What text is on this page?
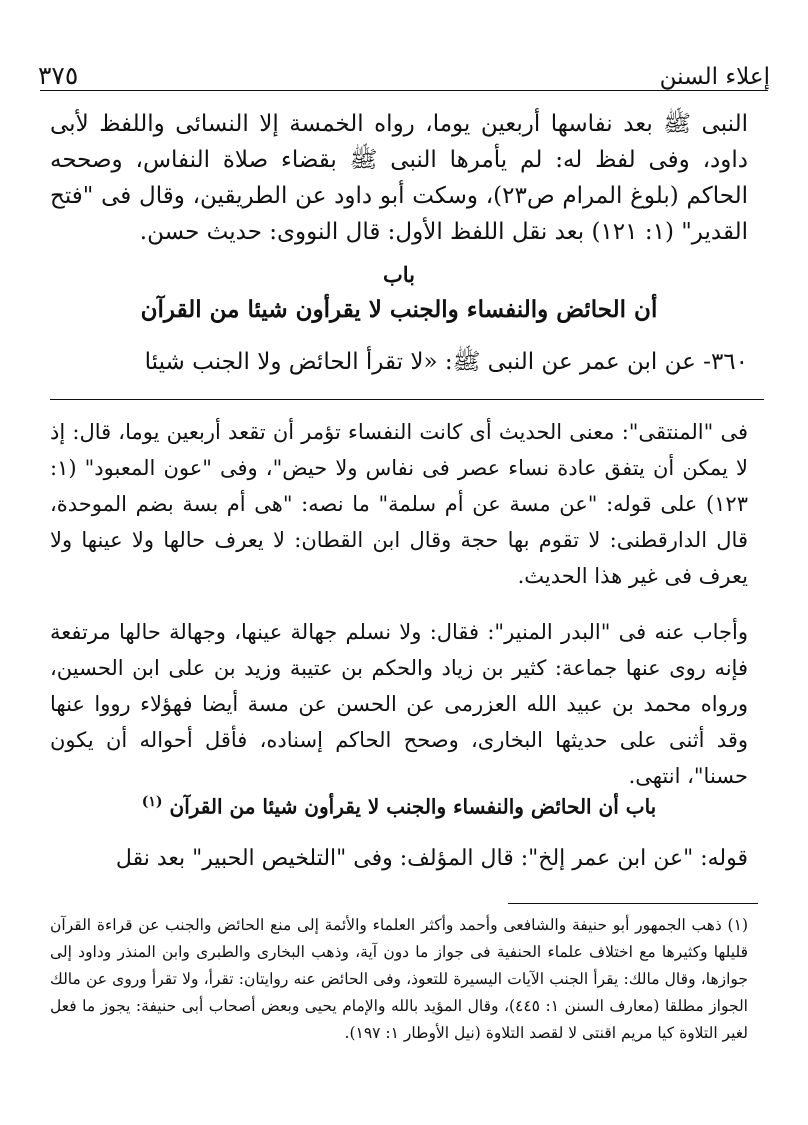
إعلاء السنن
٣٧٥

النبى ﷺ بعد نفاسها أربعين يوما، رواه الخمسة إلا النسائى واللفظ لأبى داود، وفى لفظ له: لم يأمرها النبى ﷺ بقضاء صلاة النفاس، وصححه الحاكم (بلوغ المرام ص٢٣)، وسكت أبو داود عن الطريقين، وقال فى "فتح القدير" (١: ١٢١) بعد نقل اللفظ الأول: قال النووى: حديث حسن.

باب
أن الحائض والنفساء والجنب لا يقرأون شيئا من القرآن
٣٦٠- عن ابن عمر عن النبى ﷺ: «لا تقرأ الحائض ولا الجنب شيئا

فى "المنتقى": معنى الحديث أى كانت النفساء تؤمر أن تقعد أربعين يوما، قال: إذ لا يمكن أن يتفق عادة نساء عصر فى نفاس ولا حيض"، وفى "عون المعبود" (١: ١٢٣) على قوله: "عن مسة عن أم سلمة" ما نصه: "هى أم بسة بضم الموحدة، قال الدارقطنى: لا تقوم بها حجة وقال ابن القطان: لا يعرف حالها ولا عينها ولا يعرف فى غير هذا الحديث.

وأجاب عنه فى "البدر المنير": فقال: ولا نسلم جهالة عينها، وجهالة حالها مرتفعة فإنه روى عنها جماعة: كثير بن زياد والحكم بن عتيبة وزيد بن على ابن الحسين، ورواه محمد بن عبيد الله العزرمى عن الحسن عن مسة أيضا فهؤلاء رووا عنها وقد أثنى على حديثها البخارى، وصحح الحاكم إسناده، فأقل أحواله أن يكون حسنا"، انتهى.

باب أن الحائض والنفساء والجنب لا يقرأون شيئا من القرآن $^{(١)}$
قوله: "عن ابن عمر إلخ": قال المؤلف: وفى "التلخيص الحبير" بعد نقل

(١) ذهب الجمهور أبو حنيفة والشافعى وأحمد وأكثر العلماء والأئمة إلى منع الحائض والجنب عن قراءة القرآن قليلها وكثيرها مع اختلاف علماء الحنفية فى جواز ما دون آية، وذهب البخارى والطبرى وابن المنذر وداود إلى جوازها، وقال مالك: يقرأ الجنب الآيات اليسيرة للتعوذ، وفى الحائض عنه روايتان: تقرأ، ولا تقرأ وروى عن مالك الجواز مطلقا (معارف السنن ١: ٤٤٥)، وقال المؤيد بالله والإمام يحيى وبعض أصحاب أبى حنيفة: يجوز ما فعل لغير التلاوة كيا مريم اقنتى لا لقصد التلاوة (نيل الأوطار ١: ١٩٧).
